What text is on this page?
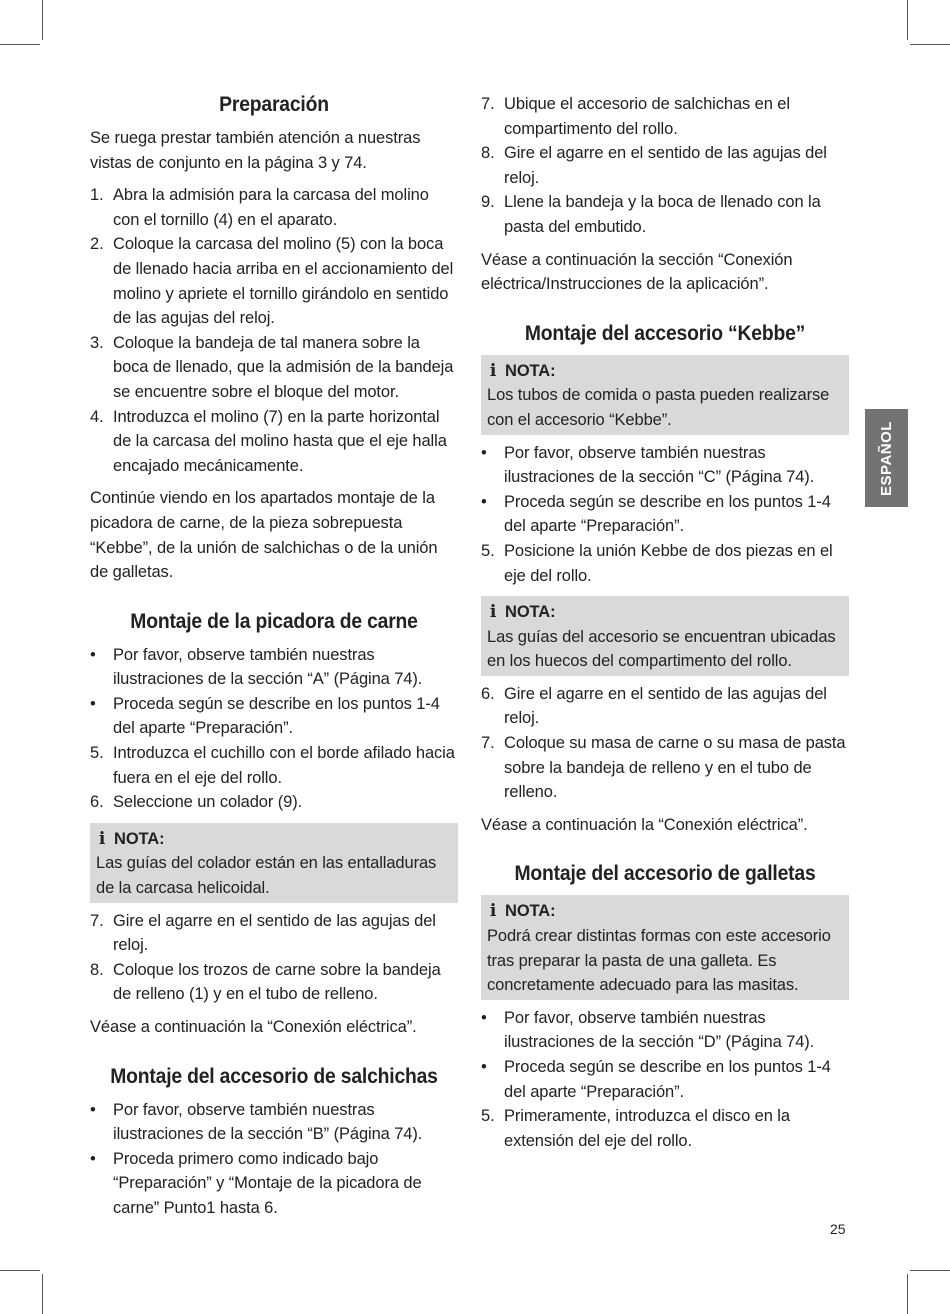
Preparación

Se ruega prestar también atención a nuestras vistas de conjunto en la página 3 y 74.

1. Abra la admisión para la carcasa del molino con el tornillo (4) en el aparato.
2. Coloque la carcasa del molino (5) con la boca de llenado hacia arriba en el accionamiento del molino y apriete el tornillo girándolo en sentido de las agujas del reloj.
3. Coloque la bandeja de tal manera sobre la boca de llenado, que la admisión de la bandeja se encuentre sobre el bloque del motor.
4. Introduzca el molino (7) en la parte horizontal de la carcasa del molino hasta que el eje halla encajado mecánicamente.

Continúe viendo en los apartados montaje de la picadora de carne, de la pieza sobrepuesta “Kebbe”, de la unión de salchichas o de la unión de galletas.

Montaje de la picadora de carne
• Por favor, observe también nuestras ilustraciones de la sección “A” (Página 74).
• Proceda según se describe en los puntos 1-4 del aparte “Preparación”.
5. Introduzca el cuchillo con el borde afilado hacia fuera en el eje del rollo.
6. Seleccione un colador (9).
i NOTA:
Las guías del colador están en las entalladuras de la carcasa helicoidal.
7. Gire el agarre en el sentido de las agujas del reloj.
8. Coloque los trozos de carne sobre la bandeja de relleno (1) y en el tubo de relleno.

Véase a continuación la “Conexión eléctrica”.

Montaje del accesorio de salchichas
• Por favor, observe también nuestras ilustraciones de la sección “B” (Página 74).
• Proceda primero como indicado bajo “Preparación” y “Montaje de la picadora de carne” Punto1 hasta 6.
7. Ubique el accesorio de salchichas en el compartimento del rollo.
8. Gire el agarre en el sentido de las agujas del reloj.
9. Llene la bandeja y la boca de llenado con la pasta del embutido.

Véase a continuación la sección “Conexión eléctrica/Instrucciones de la aplicación”.

Montaje del accesorio “Kebbe”
i NOTA:
Los tubos de comida o pasta pueden realizarse con el accesorio “Kebbe”.
• Por favor, observe también nuestras ilustraciones de la sección “C” (Página 74).
• Proceda según se describe en los puntos 1-4 del aparte “Preparación”.
5. Posicione la unión Kebbe de dos piezas en el eje del rollo.
i NOTA:
Las guías del accesorio se encuentran ubicadas en los huecos del compartimento del rollo.
6. Gire el agarre en el sentido de las agujas del reloj.
7. Coloque su masa de carne o su masa de pasta sobre la bandeja de relleno y en el tubo de relleno.

Véase a continuación la “Conexión eléctrica”.

Montaje del accesorio de galletas
i NOTA:
Podrá crear distintas formas con este accesorio tras preparar la pasta de una galleta. Es concretamente adecuado para las masitas.
• Por favor, observe también nuestras ilustraciones de la sección “D” (Página 74).
• Proceda según se describe en los puntos 1-4 del aparte “Preparación”.
5. Primeramente, introduzca el disco en la extensión del eje del rollo.
ESPAÑOL
25
